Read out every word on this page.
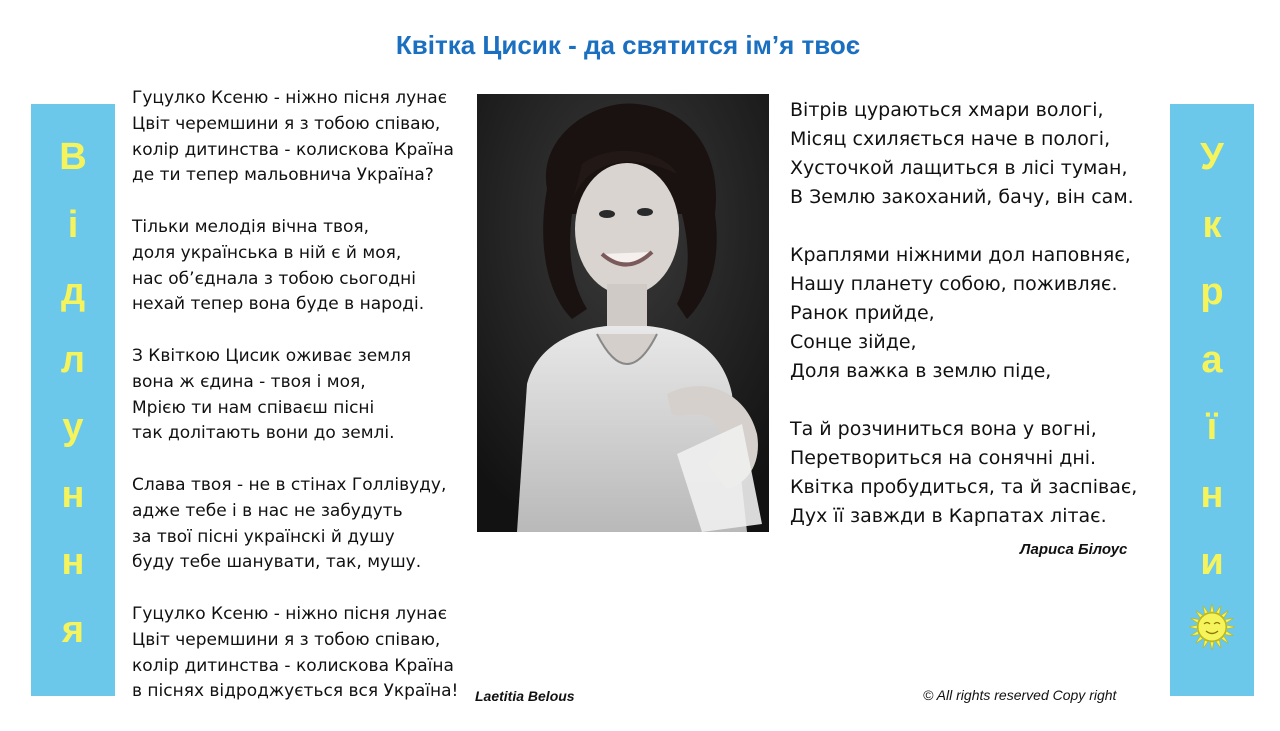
Квітка Цисик - да святится ім’я твоє
В
і
д
л
у
н
н
я
У
к
р
а
ї
н
и

Гуцулко Ксеню - ніжно пісня лунає

Цвіт черемшини я з тобою співаю,

колір дитинства - колискова Країна

де ти тепер мальовнича Україна?

Тільки мелодія вічна твоя,

доля українська в ній є й моя,

нас об’єднала з тобою сьогодні

нехай тепер вона буде в народі.

З Квіткою Цисик оживає земля

вона ж єдина - твоя і моя,

Мрією ти нам співаєш пісні

так долітають вони до землі.

Слава твоя - не в стінах Голлівуду,

адже тебе і в нас не забудуть

за твої пісні українскі й душу

буду тебе шанувати, так, мушу.

Гуцулко Ксеню - ніжно пісня лунає

Цвіт черемшини я з тобою співаю,

колір дитинства - колискова Країна

в піснях відроджується вся Україна!

Вітрів цураються хмари вологі,

Місяц схиляється наче в пологі,

Хусточкой лащиться в лісі туман,

В Землю закоханий, бачу, він сам.

Краплями ніжними дол наповняє,

Нашу планету собою, поживляє.

Ранок прийде,

Сонце зійде,

Доля важка в землю піде,

Та й розчиниться вона у вогні,

Перетвориться на сонячні дні.

Квітка пробудиться, та й заспіває,

Дух її завжди в Карпатах літає.

Лариса Білоус
Laetitia Belous	© All rights reserved Copy right
